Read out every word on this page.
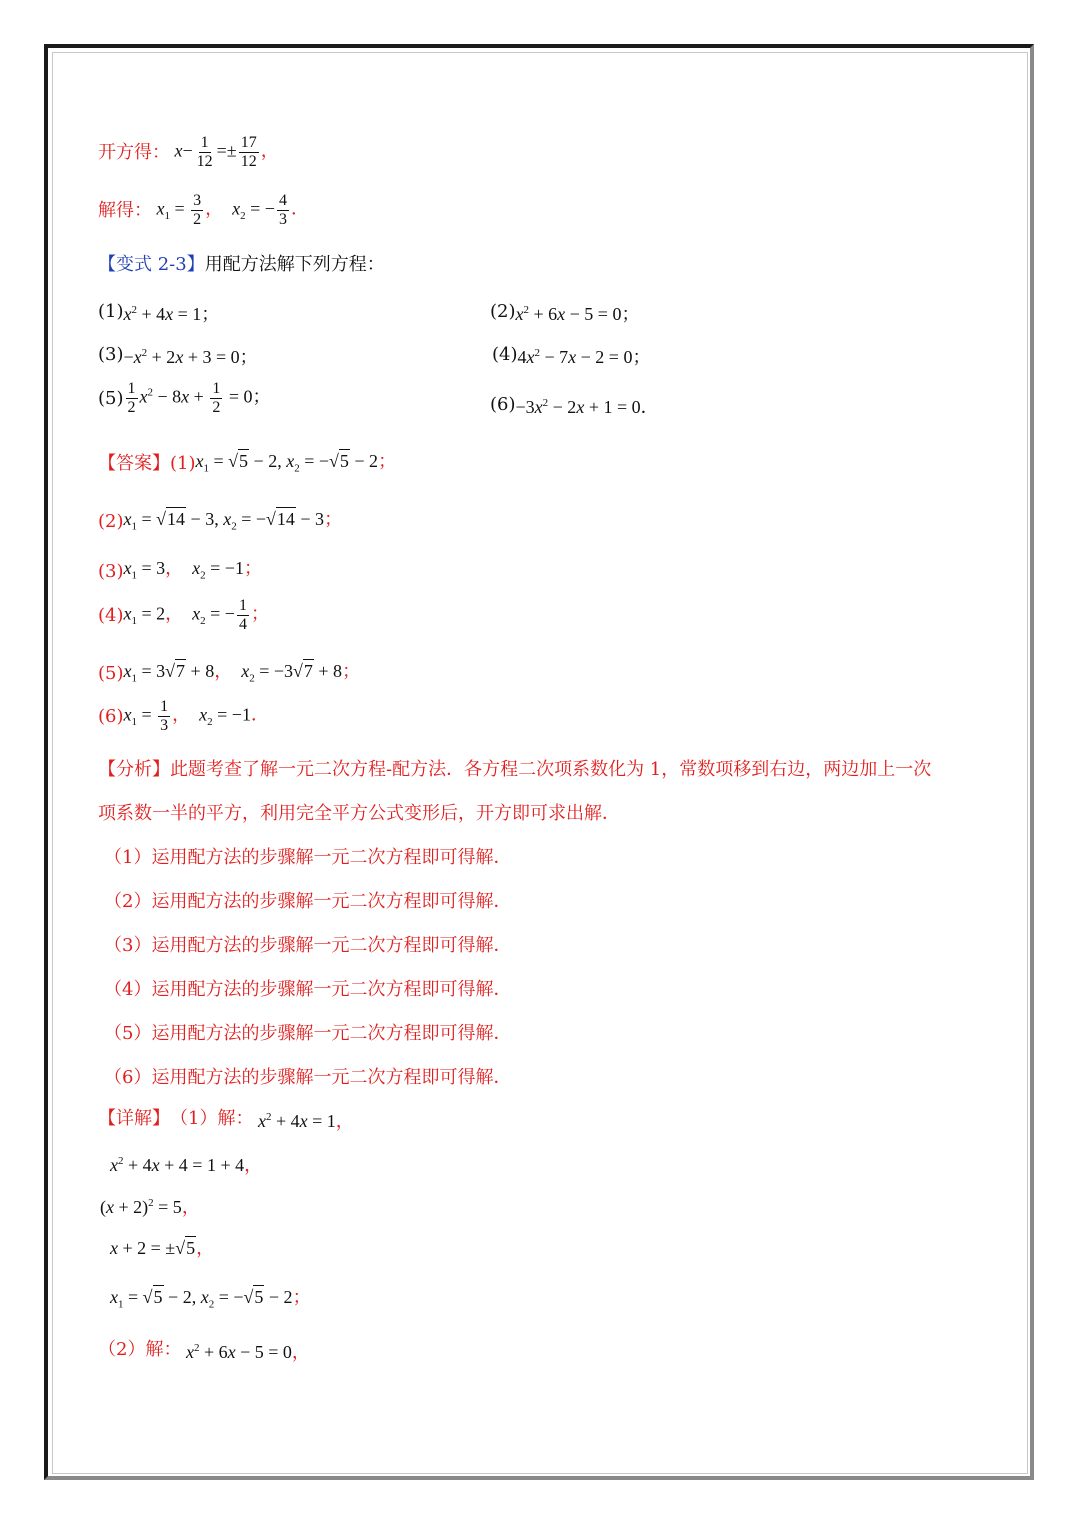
开方得： $x- \frac{1}{12} =\pm \frac{17}{12}$ ，
解得： $x_1 = \frac{3}{2}$ ， $x_2$ = − $\frac{4}{3}$ ．
【变式 2-3】 用配方法解下列方程：
(1) $x^2 + 4x = 1$；	(2) $x^2 + 6x - 5 = 0$；
$(3) -x^2 + 2x + 3 = 0$；	(4) $4x^2 - 7x - 2 = 0$；
$(5) \frac{1}{2} x^2 - 8x + \frac{1}{2} = 0$；	$(6) -3x^2 - 2x + 1 = 0$．
【答案】 (1) $x_1$ = √ 5 − 2, $x_2$ = − √ 5 − 2；
(2) $x_1$ = √ 14 − 3, $x_2$ = − √ 14 − 3；
(3) $x_1 = 3$， $x_2 = -1$；
(4) $x_1 = 2$， $x_2$ = − $\frac{1}{4}$ ；
(5) $x_1 = 3$ √ 7 + 8， $x_2 = -3$ √ 7 + 8；
(6) $x_1 = \frac{1}{3}$ ， $x_2 = -1$．
【分析】此题考查了解一元二次方程-配方法．各方程二次项系数化为 1，常数项移到右边，两边加上一次
项系数一半的平方，利用完全平方公式变形后，开方即可求出解．
（1）运用配方法的步骤解一元二次方程即可得解．
（2）运用配方法的步骤解一元二次方程即可得解．
（3）运用配方法的步骤解一元二次方程即可得解．
（4）运用配方法的步骤解一元二次方程即可得解．
（5）运用配方法的步骤解一元二次方程即可得解．
（6）运用配方法的步骤解一元二次方程即可得解．
【详解】 （1）解： $x^2 + 4x = 1$，
$x^2 + 4x + 4 = 1 + 4$，
$(x + 2)^2 = 5$，
x + 2 = ± √ 5 ，
$x_1$ = √ 5 − 2, $x_2$ = − √ 5 − 2；
（2）解： $x^2 + 6x - 5 = 0$，
